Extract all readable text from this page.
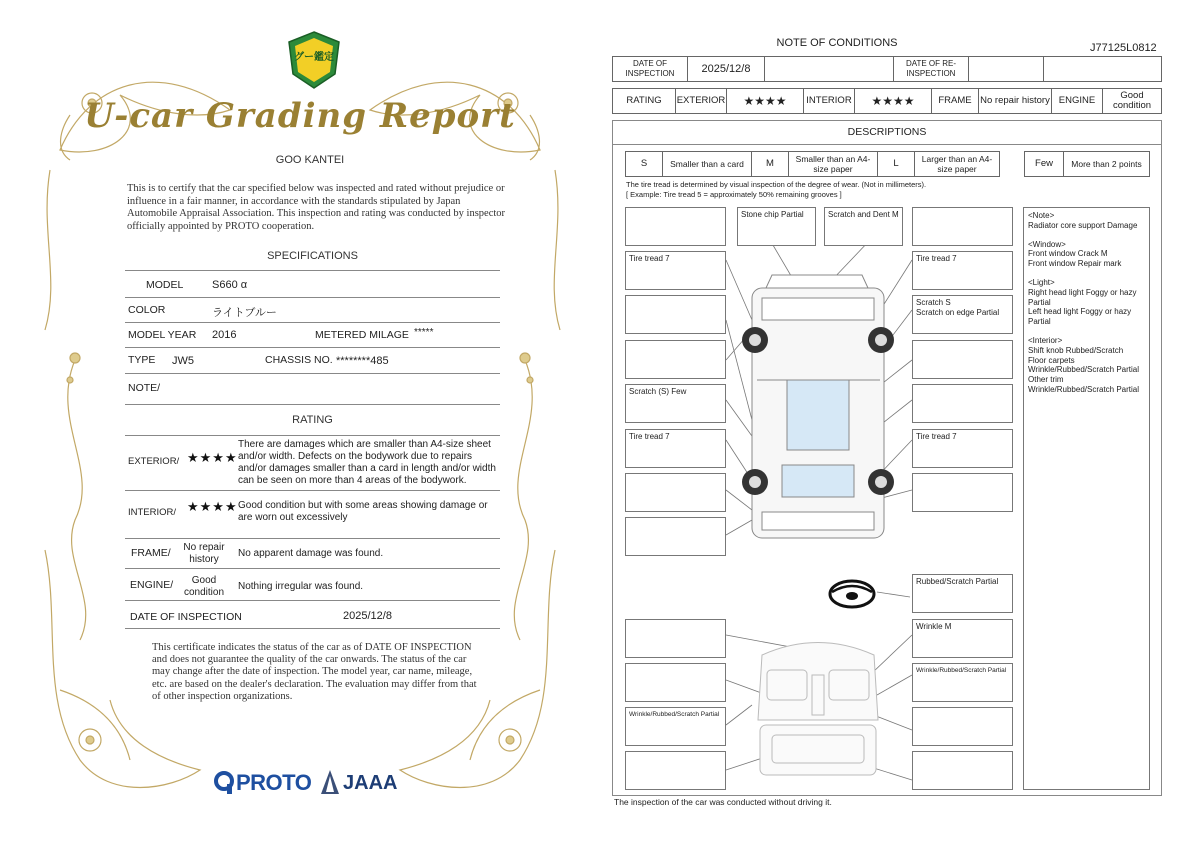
グー鑑定
U-car Grading Report
GOO KANTEI
This is to certify that the car specified below was inspected and rated without prejudice or influence in a fair manner, in accordance with the standards stipulated by Japan Automobile Appraisal Association. This inspection and rating was conducted by inspector officially appointed by PROTO cooperation.
SPECIFICATIONS
MODEL	S660 α
COLOR	ライトブルー
MODEL YEAR 2016	METERED MILAGE *****
TYPE JW5	CHASSIS NO. ********485
NOTE/
RATING
EXTERIOR/ ★★★★
There are damages which are smaller than A4-size sheet and/or width. Defects on the bodywork due to repairs and/or damages smaller than a card in length and/or width can be seen on more than 4 areas of the bodywork.
INTERIOR/ ★★★★ Good condition but with some areas showing damage or are worn out excessively
FRAME/	No repair history
No apparent damage was found.
ENGINE/	Good condition
Nothing irregular was found.
DATE OF INSPECTION	2025/12/8
This certificate indicates the status of the car as of DATE OF INSPECTION and does not guarantee the quality of the car onwards. The status of the car may change after the date of inspection. The model year, car name, mileage, etc. are based on the dealer's declaration. The evaluation may differ from that of other inspection organizations.
PROTO JAAA
NOTE OF CONDITIONS	J77125L0812
DATE OF INSPECTION	2025/12/8		DATE OF RE-INSPECTION		
RATING	EXTERIOR	★★★★	INTERIOR	★★★★	FRAME	No repair history	ENGINE	Good condition
DESCRIPTIONS
S	Smaller than a card	M	Smaller than an A4-size paper	L	Larger than an A4-size paper
Few	More than 2 points
The tire tread is determined by visual inspection of the degree of wear. (Not in millimeters).
[ Example: Tire tread 5 = approximately 50% remaining grooves ]
Tire tread 7
Scratch (S) Few
Tire tread 7
Wrinkle/Rubbed/Scratch Partial
Stone chip Partial	Scratch and Dent M
Tire tread 7
Scratch S
Scratch on edge Partial
Tire tread 7
Rubbed/Scratch Partial
Wrinkle M
Wrinkle/Rubbed/Scratch Partial
<Note>
Radiator core support Damage
<Window>
Front window Crack M
Front window Repair mark
<Light>
Right head light Foggy or hazy Partial
Left head light Foggy or hazy Partial
<Interior>
Shift knob Rubbed/Scratch
Floor carpets
Wrinkle/Rubbed/Scratch Partial
Other trim
Wrinkle/Rubbed/Scratch Partial
The inspection of the car was conducted without driving it.
